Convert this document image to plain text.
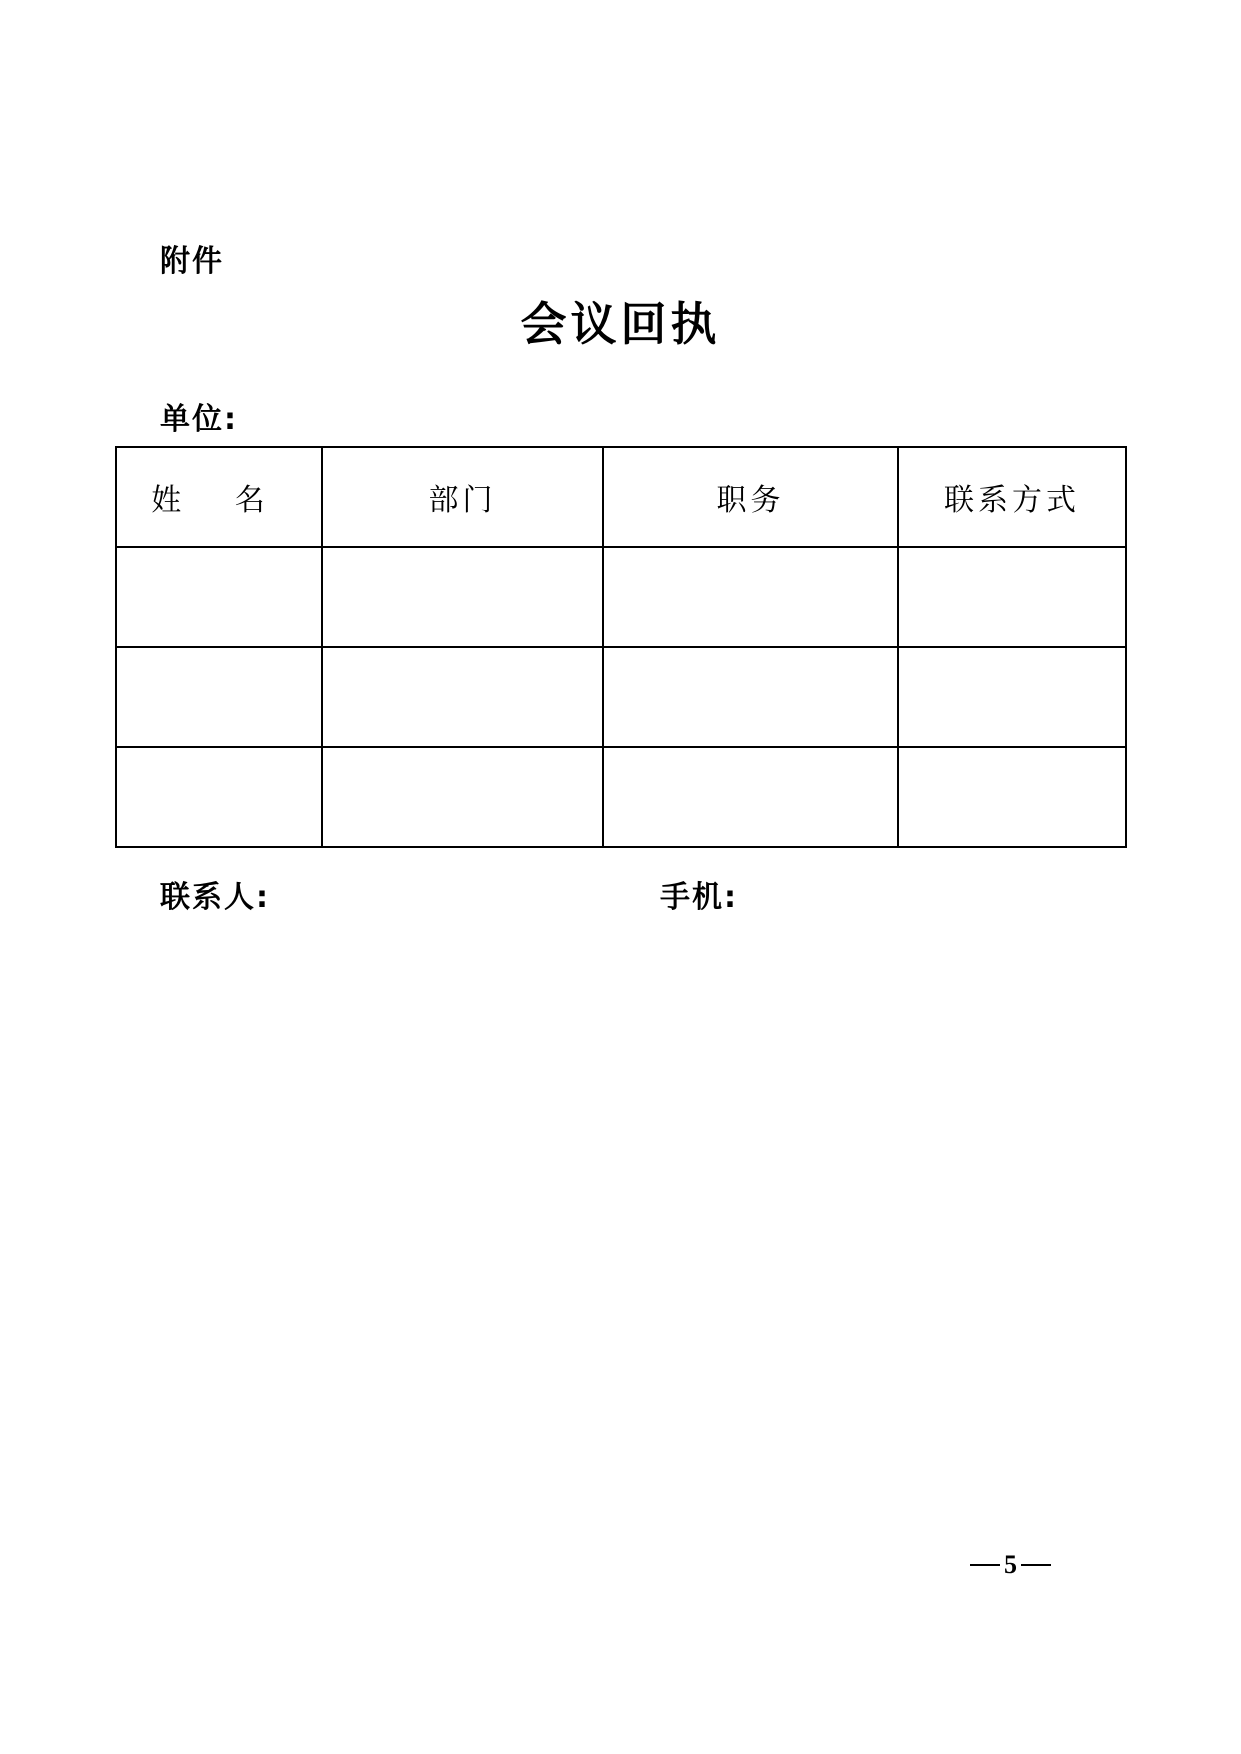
附件
会议回执
单位:
姓 名	部门	职务	联系方式

联系人:	手机:
5
